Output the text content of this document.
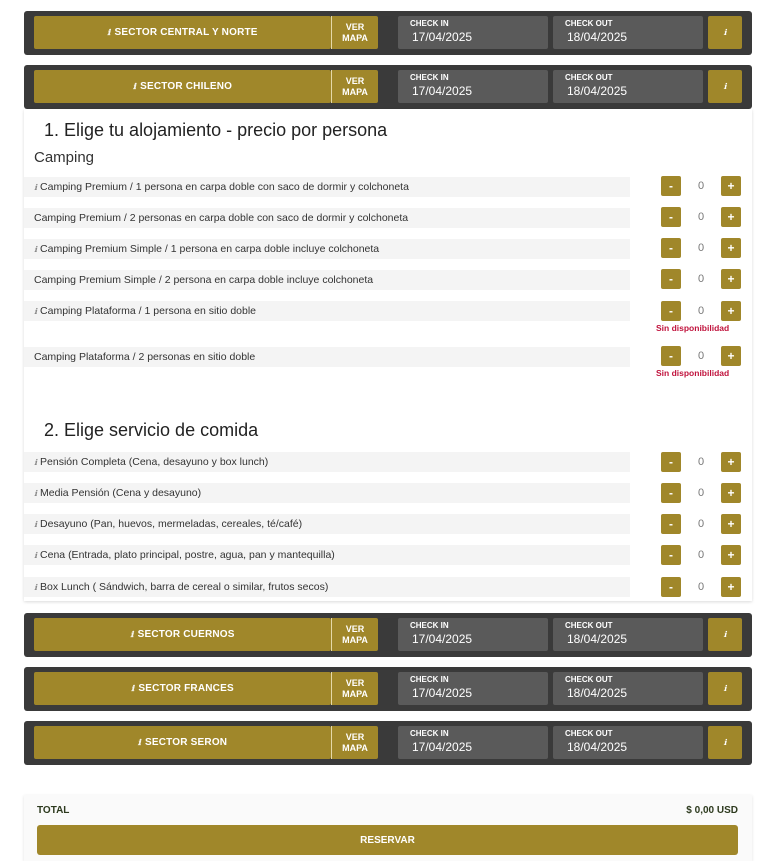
ℹ SECTOR CENTRAL Y NORTE
VER
MAPA
CHECK IN
17/04/2025
CHECK OUT
18/04/2025	ℹ
ℹ SECTOR CHILENO
VER
MAPA
CHECK IN
17/04/2025
CHECK OUT
18/04/2025	ℹ
1. Elige tu alojamiento - precio por persona
Camping
ℹ Camping Premium / 1 persona en carpa doble con saco de dormir y colchoneta	-	0	+
Camping Premium / 2 personas en carpa doble con saco de dormir y colchoneta	-	0	+
ℹ Camping Premium Simple / 1 persona en carpa doble incluye colchoneta	-	0	+
Camping Premium Simple / 2 persona en carpa doble incluye colchoneta	-	0	+
ℹ Camping Plataforma / 1 persona en sitio doble	-	0	+
Sin disponibilidad
Camping Plataforma / 2 personas en sitio doble	-	0	+
Sin disponibilidad
2. Elige servicio de comida
ℹ Pensión Completa (Cena, desayuno y box lunch)	-	0	+
ℹ Media Pensión (Cena y desayuno)	-	0	+
ℹ Desayuno (Pan, huevos, mermeladas, cereales, té/café)	-	0	+
ℹ Cena (Entrada, plato principal, postre, agua, pan y mantequilla)	-	0	+
ℹ Box Lunch ( Sándwich, barra de cereal o similar, frutos secos)	-	0	+
ℹ SECTOR CUERNOS
VER
MAPA
CHECK IN
17/04/2025
CHECK OUT
18/04/2025	ℹ
ℹ SECTOR FRANCES
VER
MAPA
CHECK IN
17/04/2025
CHECK OUT
18/04/2025	ℹ
ℹ SECTOR SERON
VER
MAPA
CHECK IN
17/04/2025
CHECK OUT
18/04/2025	ℹ
TOTAL	$ 0,00 USD
RESERVAR
